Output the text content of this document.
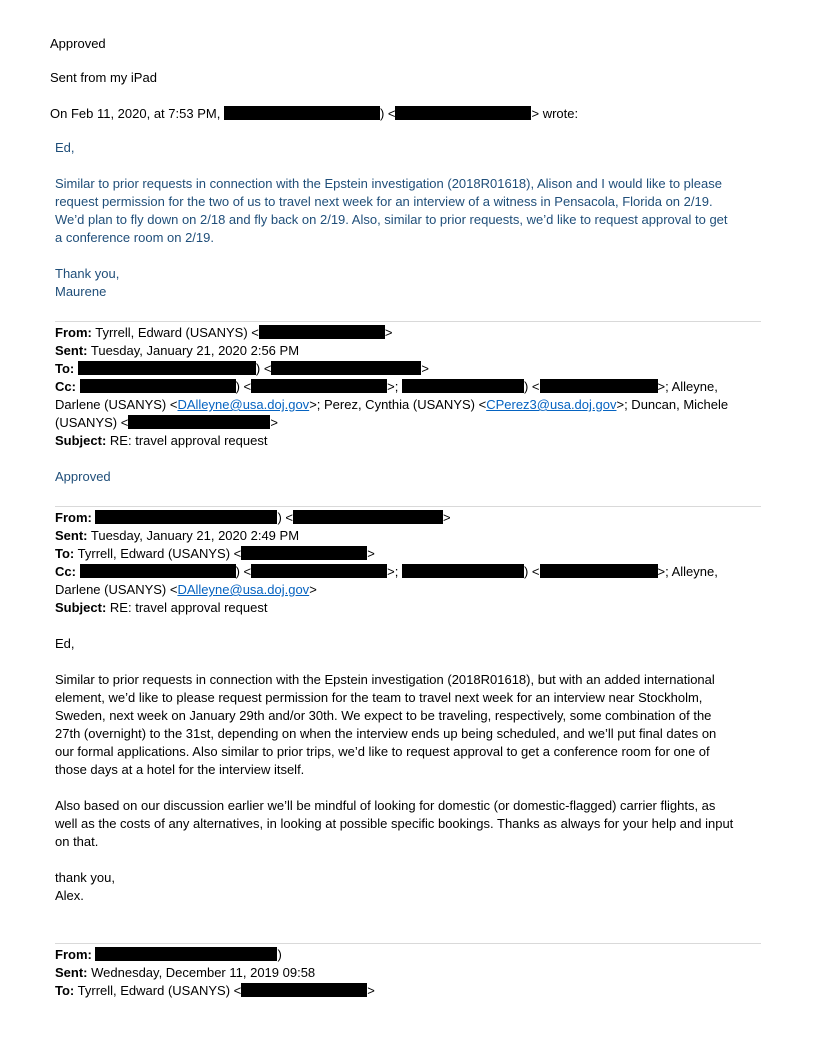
Approved
Sent from my iPad
On Feb 11, 2020, at 7:53 PM,	) <	> wrote:
Ed,
Similar to prior requests in connection with the Epstein investigation (2018R01618), Alison and I would like to please
request permission for the two of us to travel next week for an interview of a witness in Pensacola, Florida on 2/19.
We’d plan to fly down on 2/18 and fly back on 2/19. Also, similar to prior requests, we’d like to request approval to get
a conference room on 2/19.
Thank you,
Maurene
From: Tyrrell, Edward (USANYS) <	>
Sent: Tuesday, January 21, 2020 2:56 PM
To:	) <	>
Cc:	) <	>;	) <	>; Alleyne,
Darlene (USANYS) <DAlleyne@usa.doj.gov>; Perez, Cynthia (USANYS) <CPerez3@usa.doj.gov>; Duncan, Michele
(USANYS) <	>
Subject: RE: travel approval request
Approved
From:	) <	>
Sent: Tuesday, January 21, 2020 2:49 PM
To: Tyrrell, Edward (USANYS) <	>
Cc:	) <	>;	) <	>; Alleyne,
Darlene (USANYS) <DAlleyne@usa.doj.gov>
Subject: RE: travel approval request
Ed,
Similar to prior requests in connection with the Epstein investigation (2018R01618), but with an added international
element, we’d like to please request permission for the team to travel next week for an interview near Stockholm,
Sweden, next week on January 29th and/or 30th. We expect to be traveling, respectively, some combination of the
27th (overnight) to the 31st, depending on when the interview ends up being scheduled, and we’ll put final dates on
our formal applications. Also similar to prior trips, we’d like to request approval to get a conference room for one of
those days at a hotel for the interview itself.
Also based on our discussion earlier we’ll be mindful of looking for domestic (or domestic-flagged) carrier flights, as
well as the costs of any alternatives, in looking at possible specific bookings. Thanks as always for your help and input
on that.
thank you,
Alex.
From:	)
Sent: Wednesday, December 11, 2019 09:58
To: Tyrrell, Edward (USANYS) <	>
